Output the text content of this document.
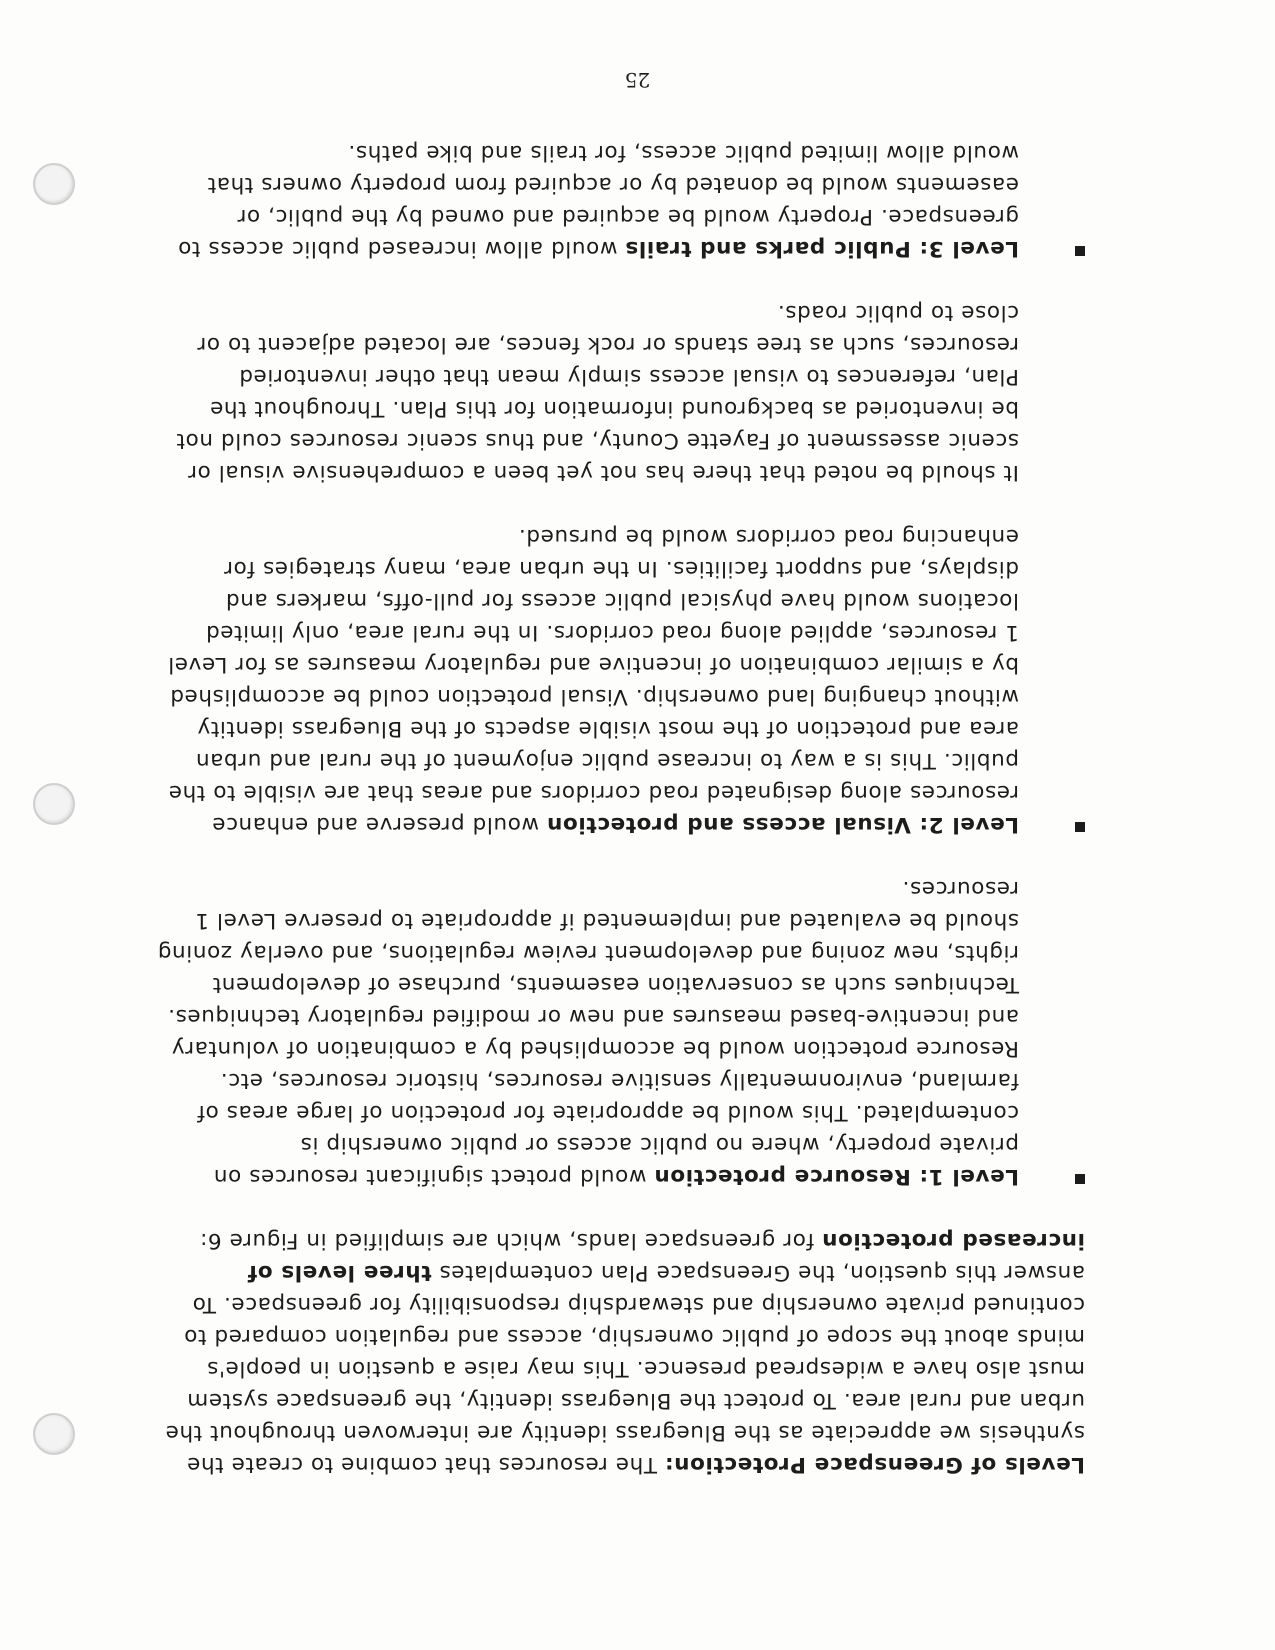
Levels of Greenspace Protection: The resources that combine to create the synthesis we appreciate as the Bluegrass identity are interwoven throughout the urban and rural area. To protect the Bluegrass identity, the greenspace system must also have a widespread presence. This may raise a question in people's minds about the scope of public ownership, access and regulation compared to continued private ownership and stewardship responsibility for greenspace. To answer this question, the Greenspace Plan contemplates three levels of increased protection for greenspace lands, which are simplified in Figure 6:

Level 1: Resource protection would protect significant resources on private property, where no public access or public ownership is contemplated. This would be appropriate for protection of large areas of farmland, environmentally sensitive resources, historic resources, etc. Resource protection would be accomplished by a combination of voluntary and incentive-based measures and new or modified regulatory techniques. Techniques such as conservation easements, purchase of development rights, new zoning and development review regulations, and overlay zoning should be evaluated and implemented if appropriate to preserve Level 1 resources.

Level 2: Visual access and protection would preserve and enhance resources along designated road corridors and areas that are visible to the public. This is a way to increase public enjoyment of the rural and urban area and protection of the most visible aspects of the Bluegrass identity without changing land ownership. Visual protection could be accomplished by a similar combination of incentive and regulatory measures as for Level 1 resources, applied along road corridors. In the rural area, only limited locations would have physical public access for pull-offs, markers and displays, and support facilities. In the urban area, many strategies for enhancing road corridors would be pursued.

It should be noted that there has not yet been a comprehensive visual or scenic assessment of Fayette County, and thus scenic resources could not be inventoried as background information for this Plan. Throughout the Plan, references to visual access simply mean that other inventoried resources, such as tree stands or rock fences, are located adjacent to or close to public roads.

Level 3: Public parks and trails would allow increased public access to greenspace. Property would be acquired and owned by the public, or easements would be donated by or acquired from property owners that would allow limited public access, for trails and bike paths.

25
